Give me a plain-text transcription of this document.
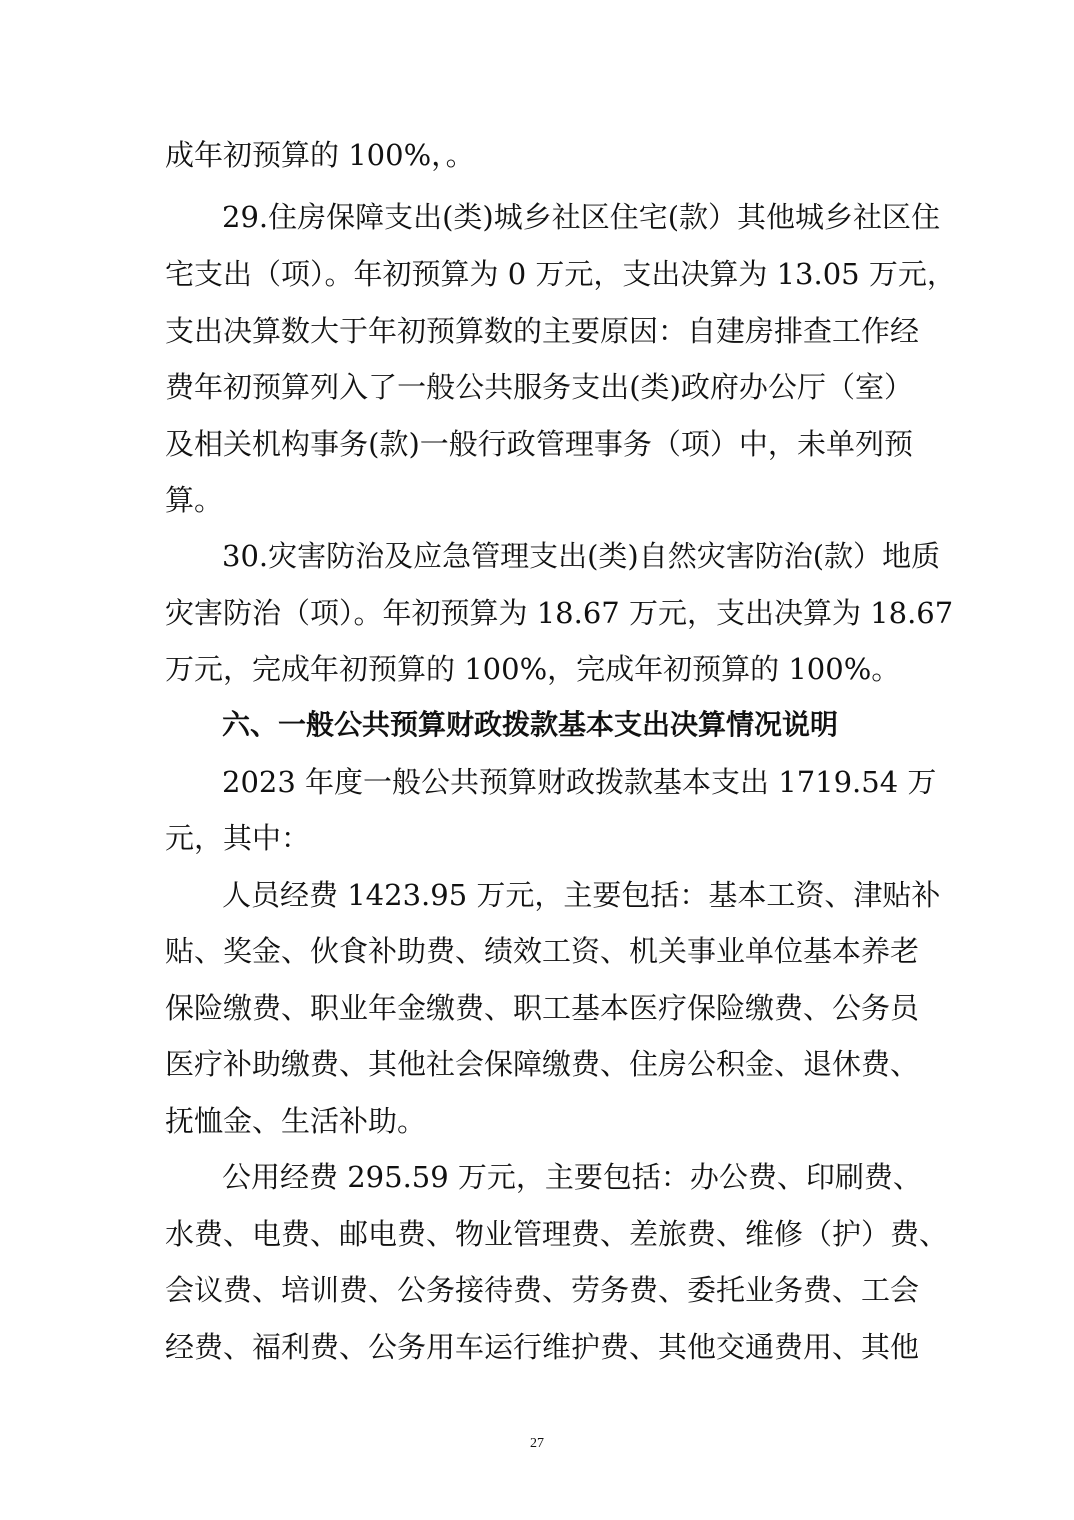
成年初预算的 100%，。
29.住房保障支出(类)城乡社区住宅(款）其他城乡社区住
宅支出（项）。年初预算为 0 万元，支出决算为 13.05 万元，
支出决算数大于年初预算数的主要原因：自建房排查工作经
费年初预算列入了一般公共服务支出(类)政府办公厅（室）
及相关机构事务(款)一般行政管理事务（项）中，未单列预
算。
30.灾害防治及应急管理支出(类)自然灾害防治(款）地质
灾害防治（项）。年初预算为 18.67 万元，支出决算为 18.67
万元，完成年初预算的 100%，完成年初预算的 100%。
六、一般公共预算财政拨款基本支出决算情况说明
2023 年度一般公共预算财政拨款基本支出 1719.54 万
元，其中：
人员经费 1423.95 万元，主要包括：基本工资、津贴补
贴、奖金、伙食补助费、绩效工资、机关事业单位基本养老
保险缴费、职业年金缴费、职工基本医疗保险缴费、公务员
医疗补助缴费、其他社会保障缴费、住房公积金、退休费、
抚恤金、生活补助。
公用经费 295.59 万元，主要包括：办公费、印刷费、
水费、电费、邮电费、物业管理费、差旅费、维修（护）费、
会议费、培训费、公务接待费、劳务费、委托业务费、工会
经费、福利费、公务用车运行维护费、其他交通费用、其他
27
